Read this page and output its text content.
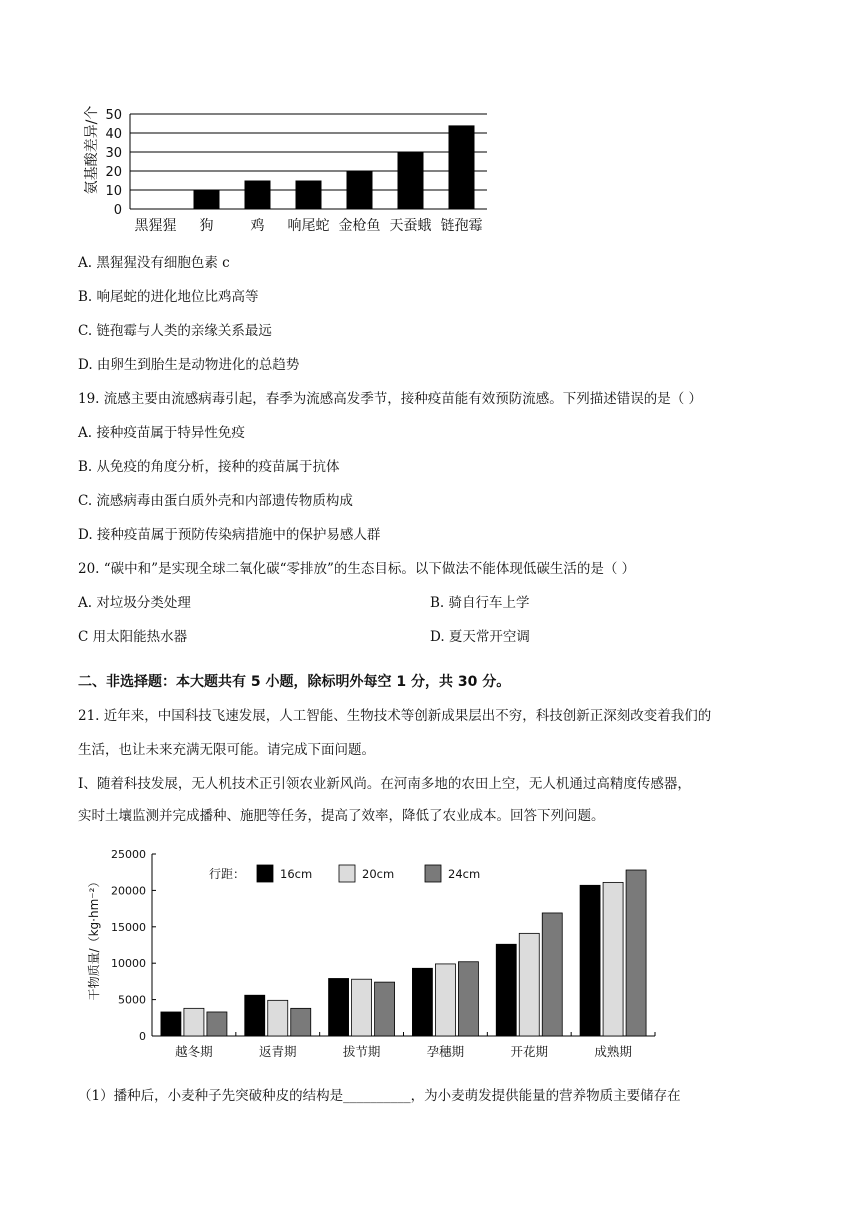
0
10
20
30
40
50
黑猩猩 狗	鸡 响尾蛇 金枪鱼 天蚕蛾 链孢霉
氨基酸差异/个
A. 黑猩猩没有细胞色素 c
B. 响尾蛇的进化地位比鸡高等
C. 链孢霉与人类的亲缘关系最远
D. 由卵生到胎生是动物进化的总趋势
19. 流感主要由流感病毒引起，春季为流感高发季节，接种疫苗能有效预防流感。下列描述错误的是（ ）
A. 接种疫苗属于特异性免疫
B. 从免疫的角度分析，接种的疫苗属于抗体
C. 流感病毒由蛋白质外壳和内部遗传物质构成
D. 接种疫苗属于预防传染病措施中的保护易感人群
20. “碳中和”是实现全球二氧化碳“零排放”的生态目标。以下做法不能体现低碳生活的是（ ）
A. 对垃圾分类处理	B. 骑自行车上学
C 用太阳能热水器	D. 夏天常开空调
二、非选择题：本大题共有 5 小题，除标明外每空 1 分，共 30 分。
21. 近年来，中国科技飞速发展，人工智能、生物技术等创新成果层出不穷，科技创新正深刻改变着我们的
生活，也让未来充满无限可能。请完成下面问题。
Ⅰ、随着科技发展，无人机技术正引领农业新风尚。在河南多地的农田上空，无人机通过高精度传感器，
实时土壤监测并完成播种、施肥等任务，提高了效率，降低了农业成本。回答下列问题。
0
5000
10000
15000
20000
25000
越冬期	返青期	拔节期	孕穗期	开花期	成熟期
行距：	16cm	20cm	24cm
干物质量/（kg·hm⁻²）
（1）播种后，小麦种子先突破种皮的结构是__________，为小麦萌发提供能量的营养物质主要储存在
